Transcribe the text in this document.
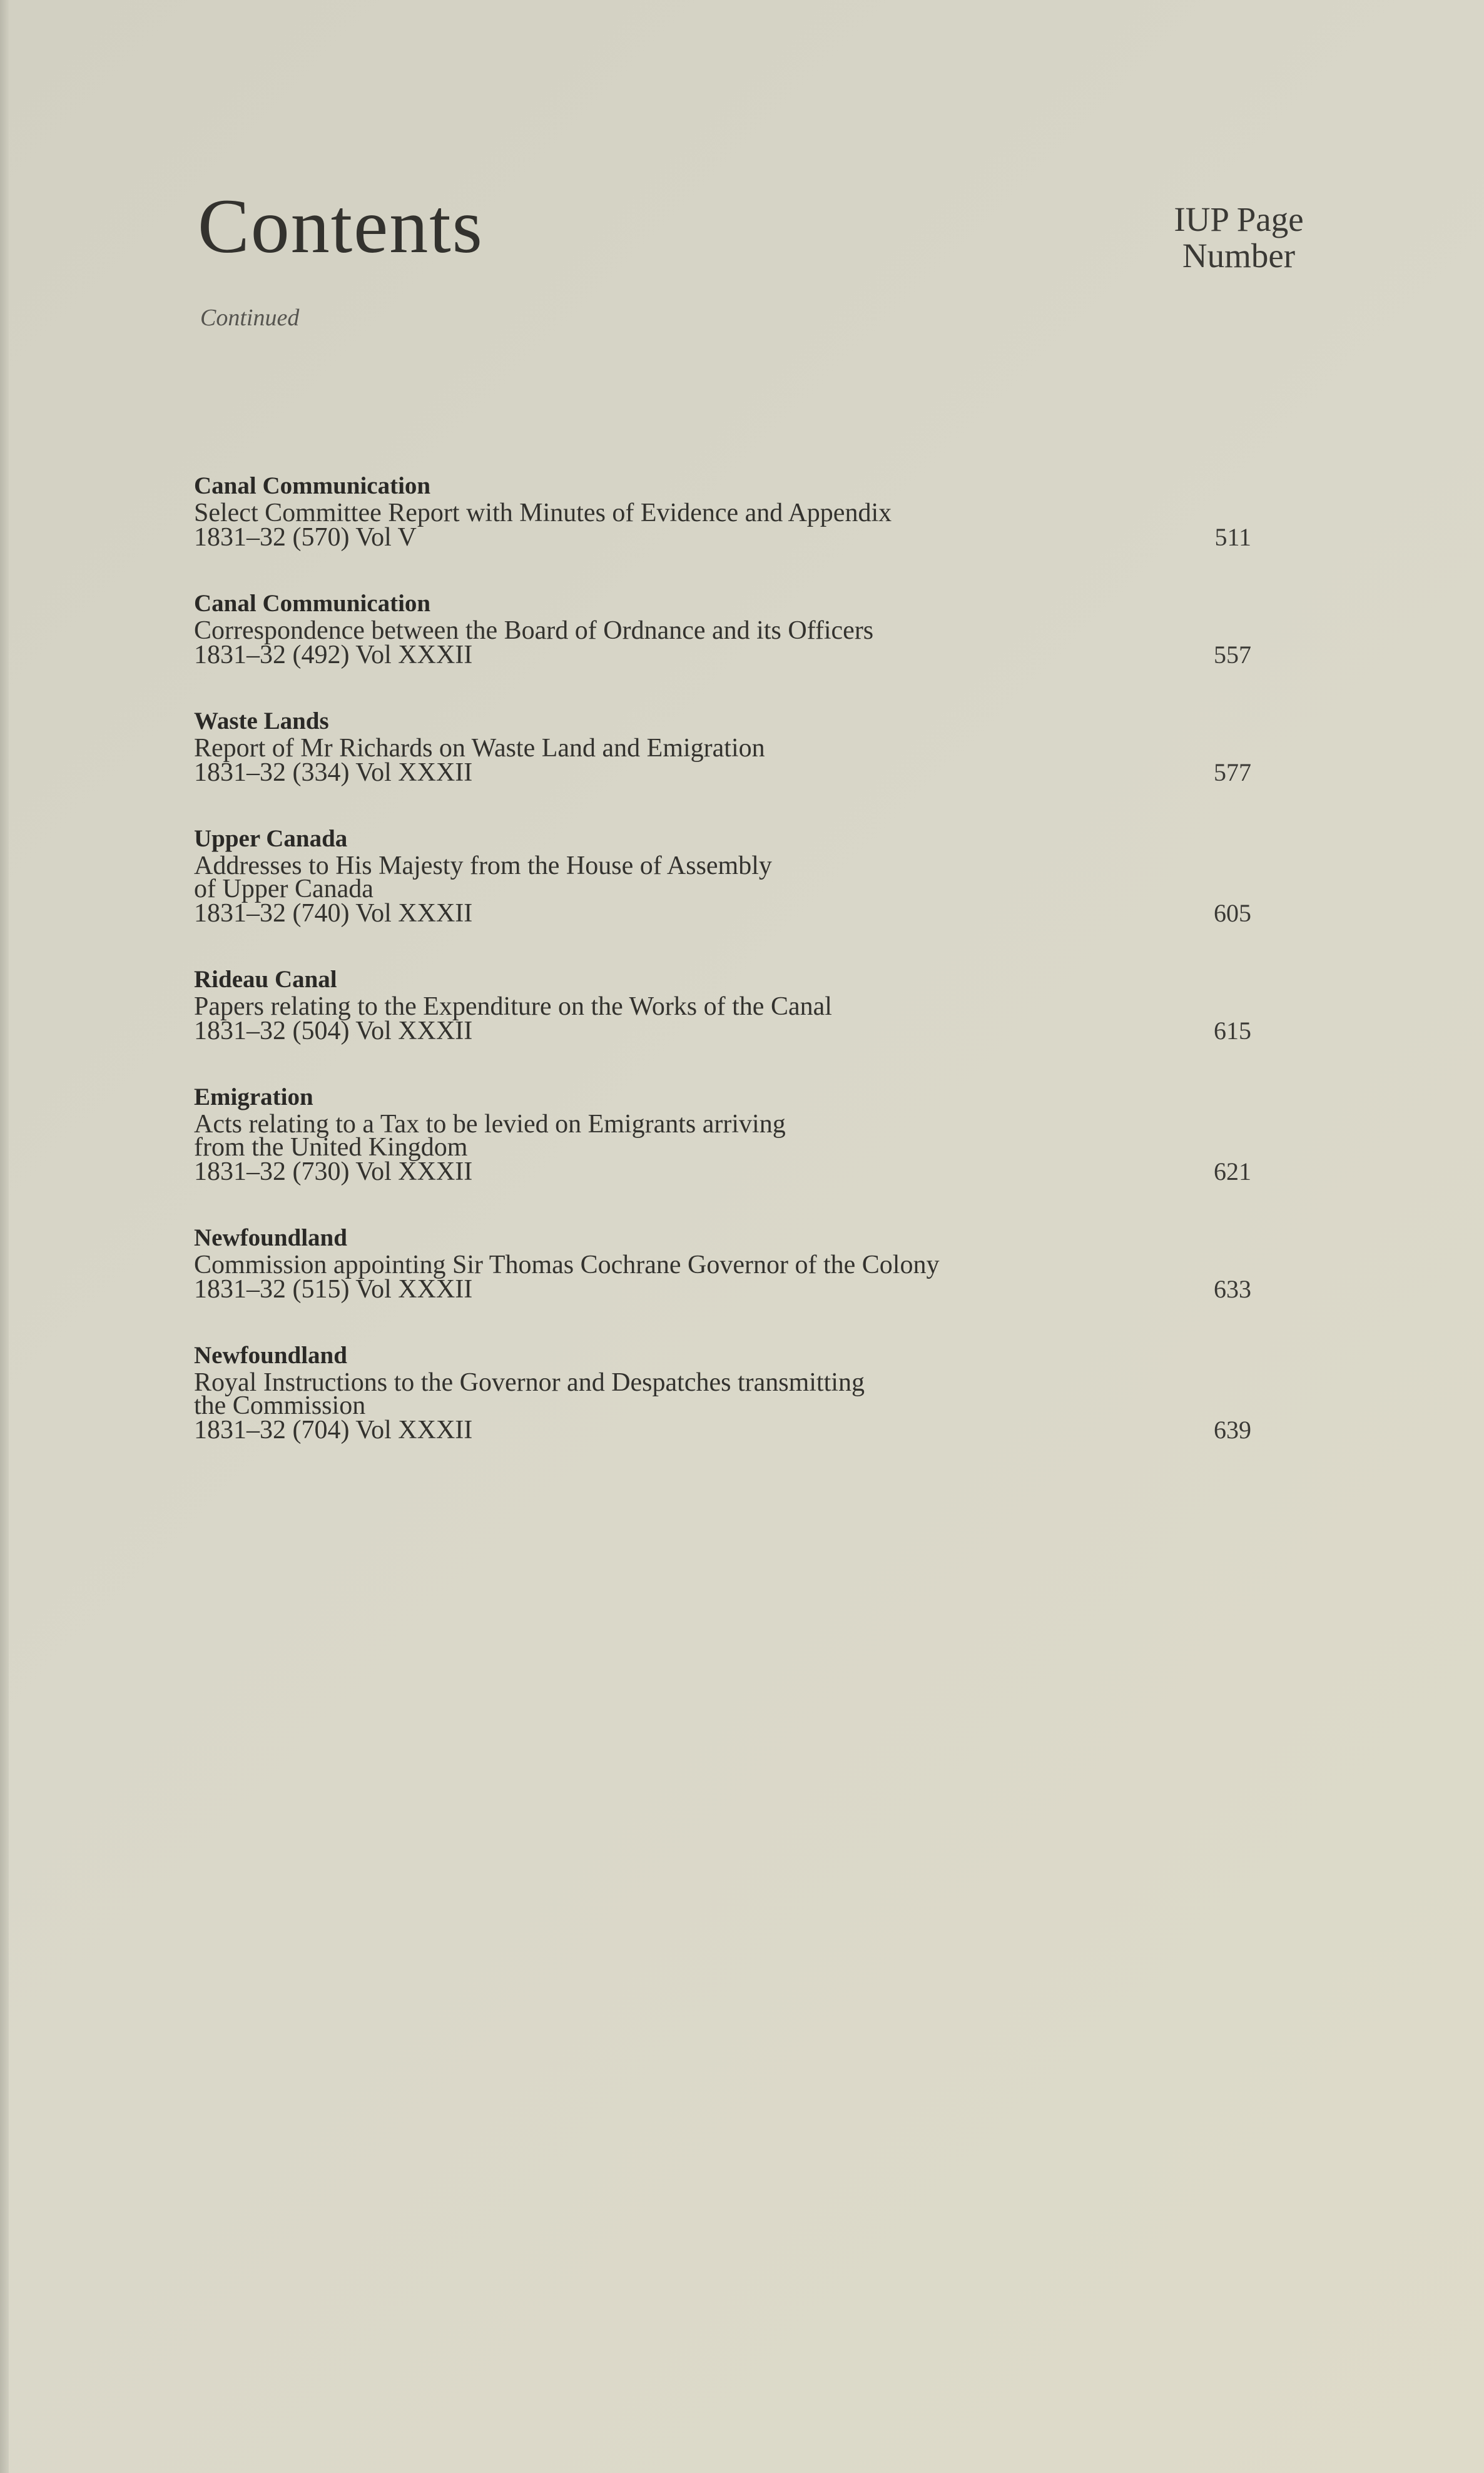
Contents	IUP Page
Number
Continued
Canal Communication
Select Committee Report with Minutes of Evidence and Appendix
1831–32 (570) Vol V	511
Canal Communication
Correspondence between the Board of Ordnance and its Officers
1831–32 (492) Vol XXXII	557
Waste Lands
Report of Mr Richards on Waste Land and Emigration
1831–32 (334) Vol XXXII	577
Upper Canada
Addresses to His Majesty from the House of Assembly
of Upper Canada
1831–32 (740) Vol XXXII	605
Rideau Canal
Papers relating to the Expenditure on the Works of the Canal
1831–32 (504) Vol XXXII	615
Emigration
Acts relating to a Tax to be levied on Emigrants arriving
from the United Kingdom
1831–32 (730) Vol XXXII	621
Newfoundland
Commission appointing Sir Thomas Cochrane Governor of the Colony
1831–32 (515) Vol XXXII	633
Newfoundland
Royal Instructions to the Governor and Despatches transmitting
the Commission
1831–32 (704) Vol XXXII	639
